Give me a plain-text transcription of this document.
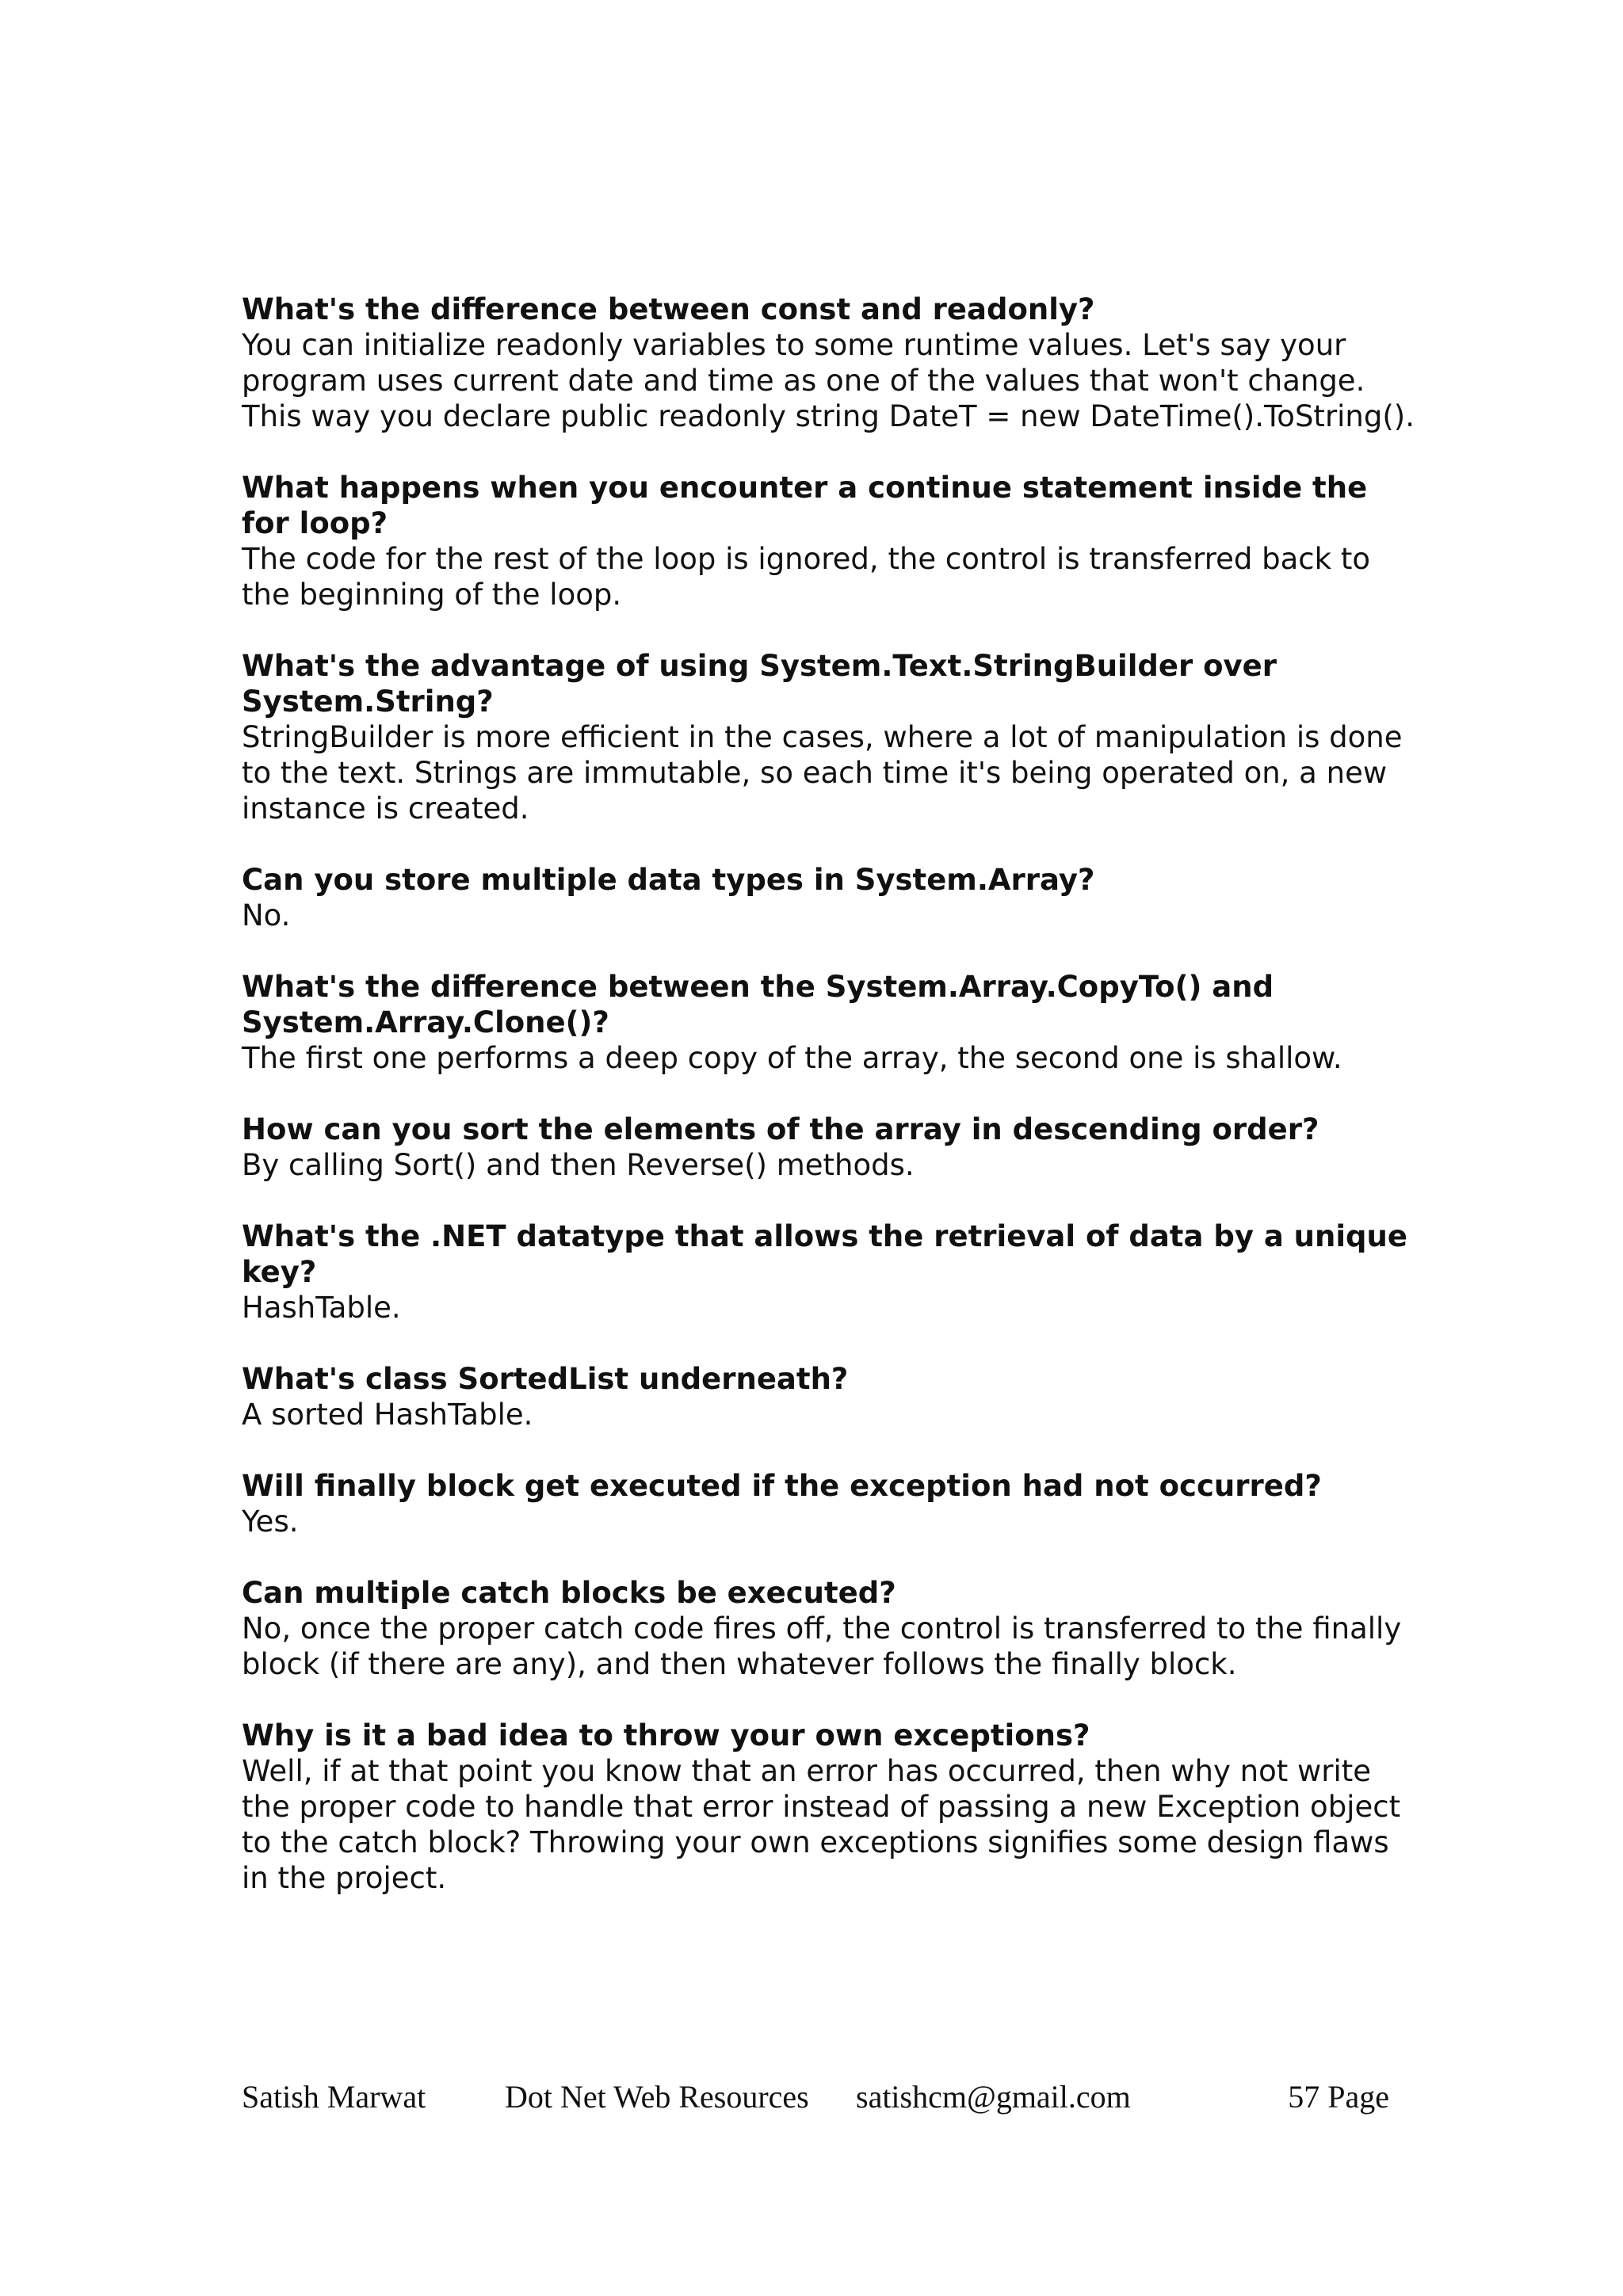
What's the difference between const and readonly?

You can initialize readonly variables to some runtime values. Let's say your program uses current date and time as one of the values that won't change. This way you declare public readonly string DateT = new DateTime().ToString().

What happens when you encounter a continue statement inside the for loop?

The code for the rest of the loop is ignored, the control is transferred back to the beginning of the loop.

What's the advantage of using System.Text.StringBuilder over System.String?

StringBuilder is more efficient in the cases, where a lot of manipulation is done to the text. Strings are immutable, so each time it's being operated on, a new instance is created.

Can you store multiple data types in System.Array?

No.

What's the difference between the System.Array.CopyTo() and System.Array.Clone()?

The first one performs a deep copy of the array, the second one is shallow.

How can you sort the elements of the array in descending order?

By calling Sort() and then Reverse() methods.

What's the .NET datatype that allows the retrieval of data by a unique key?

HashTable.

What's class SortedList underneath?

A sorted HashTable.

Will finally block get executed if the exception had not occurred?

Yes.

Can multiple catch blocks be executed?

No, once the proper catch code fires off, the control is transferred to the finally block (if there are any), and then whatever follows the finally block.

Why is it a bad idea to throw your own exceptions?

Well, if at that point you know that an error has occurred, then why not write the proper code to handle that error instead of passing a new Exception object to the catch block? Throwing your own exceptions signifies some design flaws in the project.

Satish Marwat Dot Net Web Resources satishcm@gmail.com	57 Page
